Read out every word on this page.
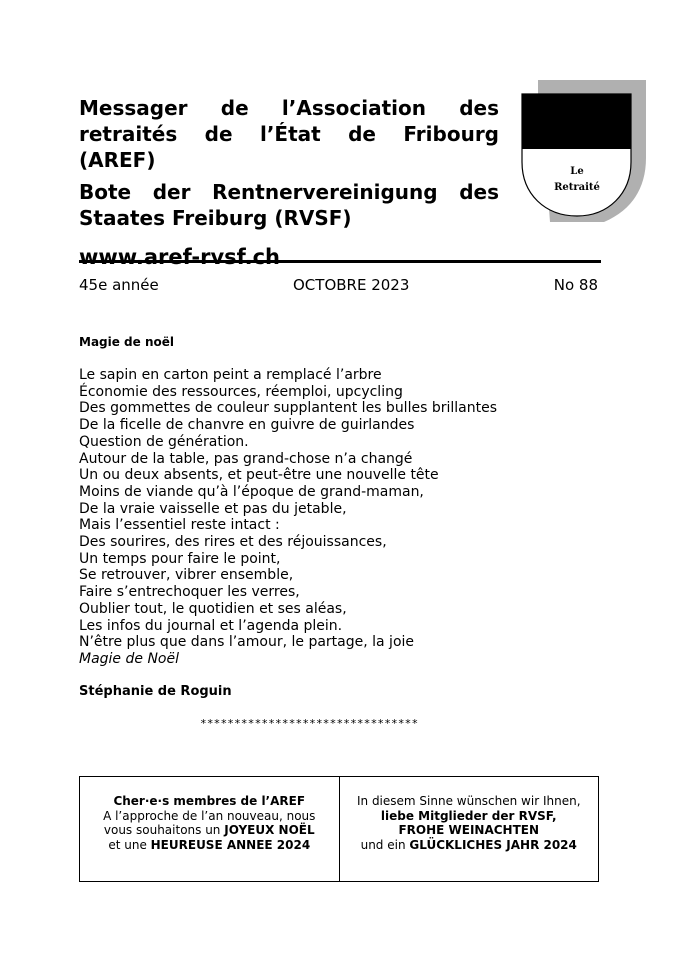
Messager de l’Association des retraités de l’État de Fribourg (AREF)

Bote der Rentnervereinigung des Staates Freiburg (RVSF)

www.aref-rvsf.ch
Le
Retraité
45e année	OCTOBRE 2023	No 88
Magie de noël
Le sapin en carton peint a remplacé l’arbre
Économie des ressources, réemploi, upcycling
Des gommettes de couleur supplantent les bulles brillantes
De la ficelle de chanvre en guivre de guirlandes
Question de génération.
Autour de la table, pas grand-chose n’a changé
Un ou deux absents, et peut-être une nouvelle tête
Moins de viande qu’à l’époque de grand-maman,
De la vraie vaisselle et pas du jetable,
Mais l’essentiel reste intact :
Des sourires, des rires et des réjouissances,
Un temps pour faire le point,
Se retrouver, vibrer ensemble,
Faire s’entrechoquer les verres,
Oublier tout, le quotidien et ses aléas,
Les infos du journal et l’agenda plein.
N’être plus que dans l’amour, le partage, la joie
Magie de Noël
Stéphanie de Roguin
********************************
Cher·e·s membres de l’AREF
A l’approche de l’an nouveau, nous
vous souhaitons un JOYEUX NOËL
et une HEUREUSE ANNEE 2024
In diesem Sinne wünschen wir Ihnen,
liebe Mitglieder der RVSF,
FROHE WEINACHTEN
und ein GLÜCKLICHES JAHR 2024
